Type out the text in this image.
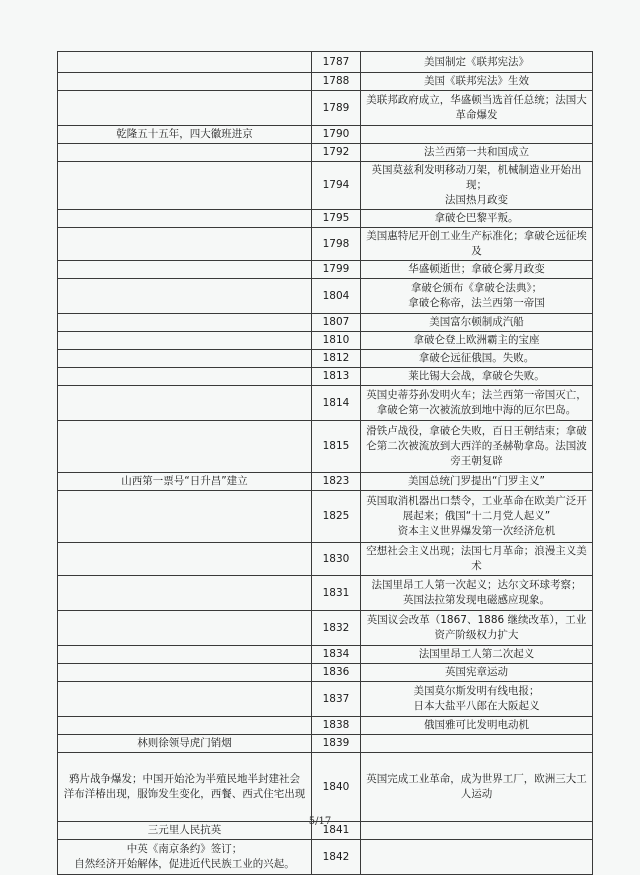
	1787	美国制定《联邦宪法》
	1788	美国《联邦宪法》生效
	1789	美联邦政府成立，华盛顿当选首任总统；法国大革命爆发
乾隆五十五年，四大徽班进京	1790	
	1792	法兰西第一共和国成立
	1794	英国莫兹利发明移动刀架，机械制造业开始出现；
法国热月政变
	1795	拿破仑巴黎平叛。
	1798	美国惠特尼开创工业生产标准化；拿破仑远征埃及
	1799	华盛顿逝世；拿破仑雾月政变
	1804	拿破仑颁布《拿破仑法典》；
拿破仑称帝，法兰西第一帝国
	1807	美国富尔顿制成汽船
	1810	拿破仑登上欧洲霸主的宝座
	1812	拿破仑远征俄国。失败。
	1813	莱比锡大会战，拿破仑失败。
	1814	英国史蒂芬孙发明火车；法兰西第一帝国灭亡，拿破仑第一次被流放到地中海的厄尔巴岛。
	1815	滑铁卢战役，拿破仑失败，百日王朝结束；拿破仑第二次被流放到大西洋的圣赫勒拿岛。法国波旁王朝复辟
山西第一票号“日升昌”建立	1823	美国总统门罗提出“门罗主义”
	1825	英国取消机器出口禁令，工业革命在欧美广泛开展起来；俄国“十二月党人起义”
资本主义世界爆发第一次经济危机
	1830	空想社会主义出现；法国七月革命；浪漫主义美术
	1831	法国里昂工人第一次起义；达尔文环球考察；
英国法拉第发现电磁感应现象。
	1832	英国议会改革（1867、1886 继续改革），工业资产阶级权力扩大
	1834	法国里昂工人第二次起义
	1836	英国宪章运动
	1837	美国莫尔斯发明有线电报；
日本大盐平八郎在大阪起义
	1838	俄国雅可比发明电动机
林则徐领导虎门销烟	1839	
鸦片战争爆发；中国开始沦为半殖民地半封建社会
洋布洋椿出现，服饰发生变化，西餐、西式住宅出现	1840	英国完成工业革命，成为世界工厂，欧洲三大工人运动
三元里人民抗英	1841	
中英《南京条约》签订；
自然经济开始解体，促进近代民族工业的兴起。	1842	
5/17
